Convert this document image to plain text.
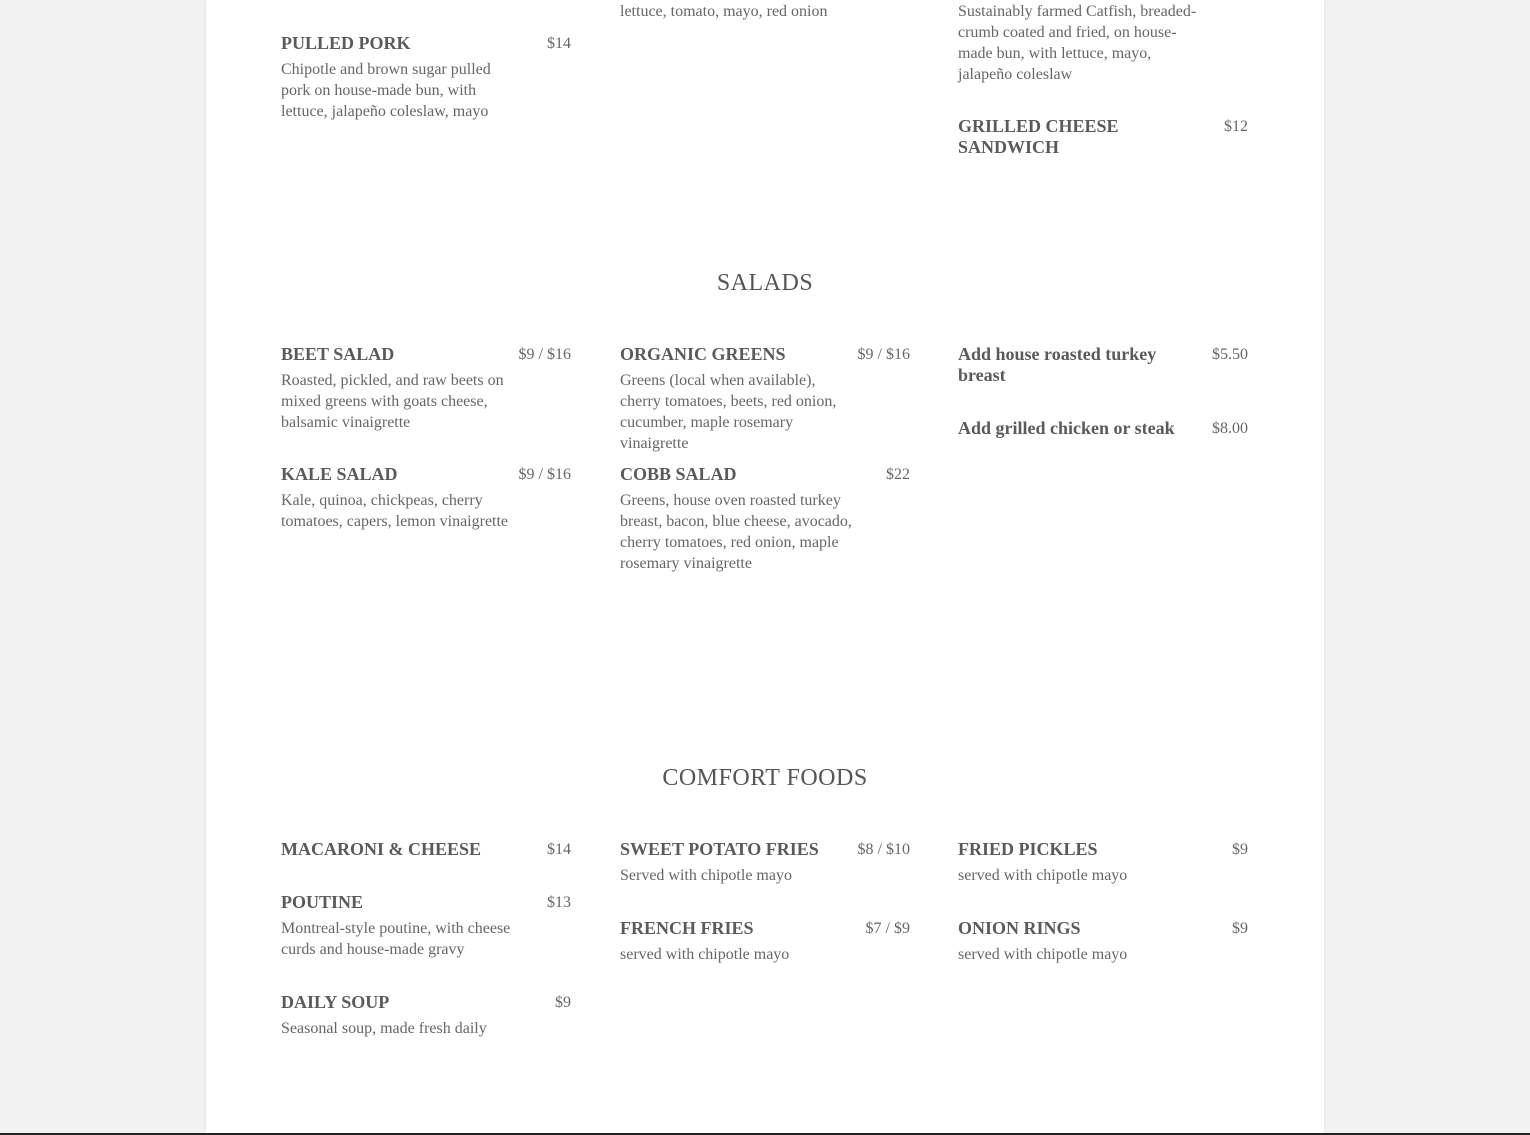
PULLED PORK	$14
Chipotle and brown sugar pulled pork on house-made bun, with lettuce, jalapeño coleslaw, mayo
lettuce, tomato, mayo, red onion	Sustainably farmed Catfish, breaded-crumb coated and fried, on house-made bun, with lettuce, mayo, jalapeño coleslaw
GRILLED CHEESE SANDWICH
$12
SALADS
BEET SALAD	$9 / $16
Roasted, pickled, and raw beets on mixed greens with goats cheese, balsamic vinaigrette
KALE SALAD	$9 / $16
Kale, quinoa, chickpeas, cherry tomatoes, capers, lemon vinaigrette
ORGANIC GREENS	$9 / $16
Greens (local when available), cherry tomatoes, beets, red onion, cucumber, maple rosemary vinaigrette
COBB SALAD	$22
Greens, house oven roasted turkey breast, bacon, blue cheese, avocado, cherry tomatoes, red onion, maple rosemary vinaigrette
Add house roasted turkey breast
$5.50
Add grilled chicken or steak	$8.00
COMFORT FOODS
MACARONI & CHEESE	$14
POUTINE	$13
Montreal-style poutine, with cheese curds and house-made gravy
DAILY SOUP	$9
Seasonal soup, made fresh daily
SWEET POTATO FRIES	$8 / $10
Served with chipotle mayo
FRENCH FRIES	$7 / $9
served with chipotle mayo
FRIED PICKLES	$9
served with chipotle mayo
ONION RINGS	$9
served with chipotle mayo
